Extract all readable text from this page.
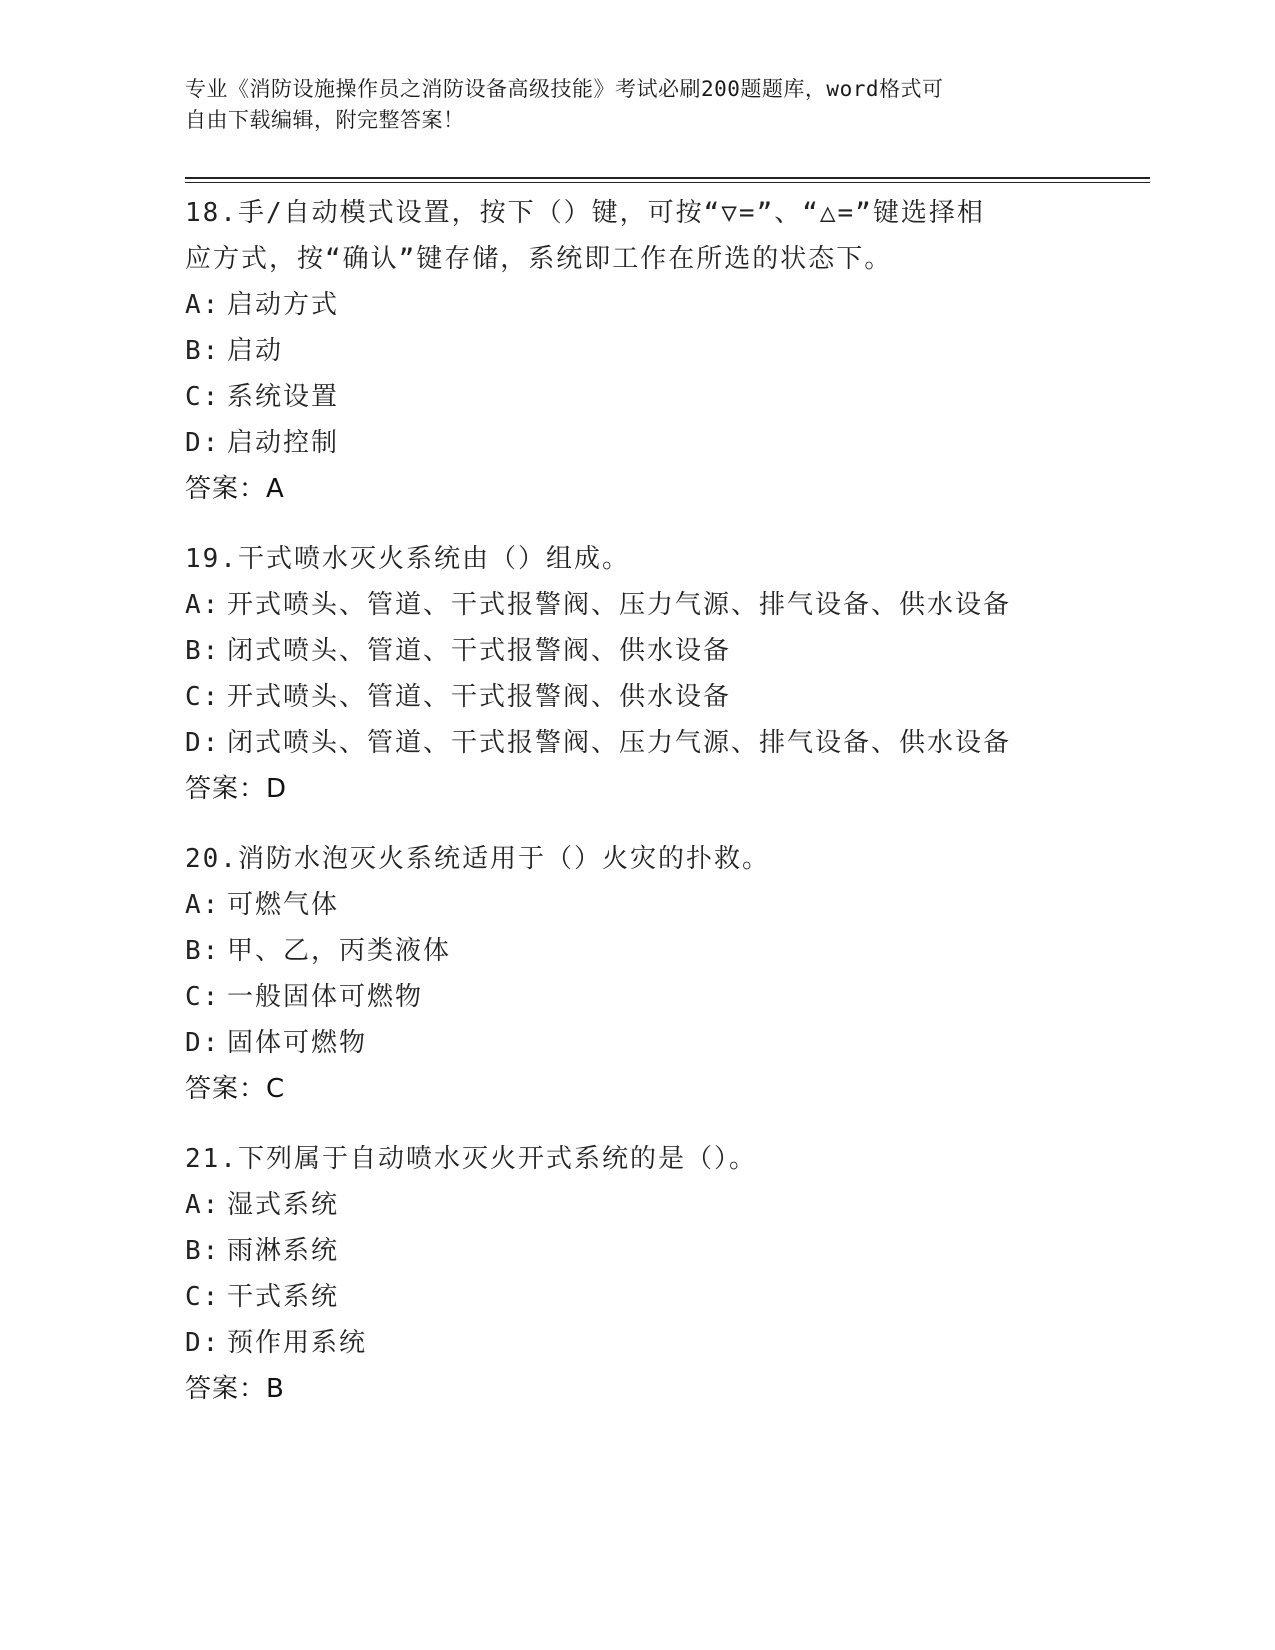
专业《消防设施操作员之消防设备高级技能》考试必刷200题题库，word格式可
自由下载编辑，附完整答案！
18.手/自动模式设置，按下（）键，可按“▽=”、“△=”键选择相
应方式，按“确认”键存储，系统即工作在所选的状态下。
A: 启动方式
B: 启动
C: 系统设置
D: 启动控制
答案：A
19.干式喷水灭火系统由（）组成。
A: 开式喷头、管道、干式报警阀、压力气源、排气设备、供水设备
B: 闭式喷头、管道、干式报警阀、供水设备
C: 开式喷头、管道、干式报警阀、供水设备
D: 闭式喷头、管道、干式报警阀、压力气源、排气设备、供水设备
答案：D
20.消防水泡灭火系统适用于（）火灾的扑救。
A: 可燃气体
B: 甲、乙，丙类液体
C: 一般固体可燃物
D: 固体可燃物
答案：C
21.下列属于自动喷水灭火开式系统的是（）。
A: 湿式系统
B: 雨淋系统
C: 干式系统
D: 预作用系统
答案：B
